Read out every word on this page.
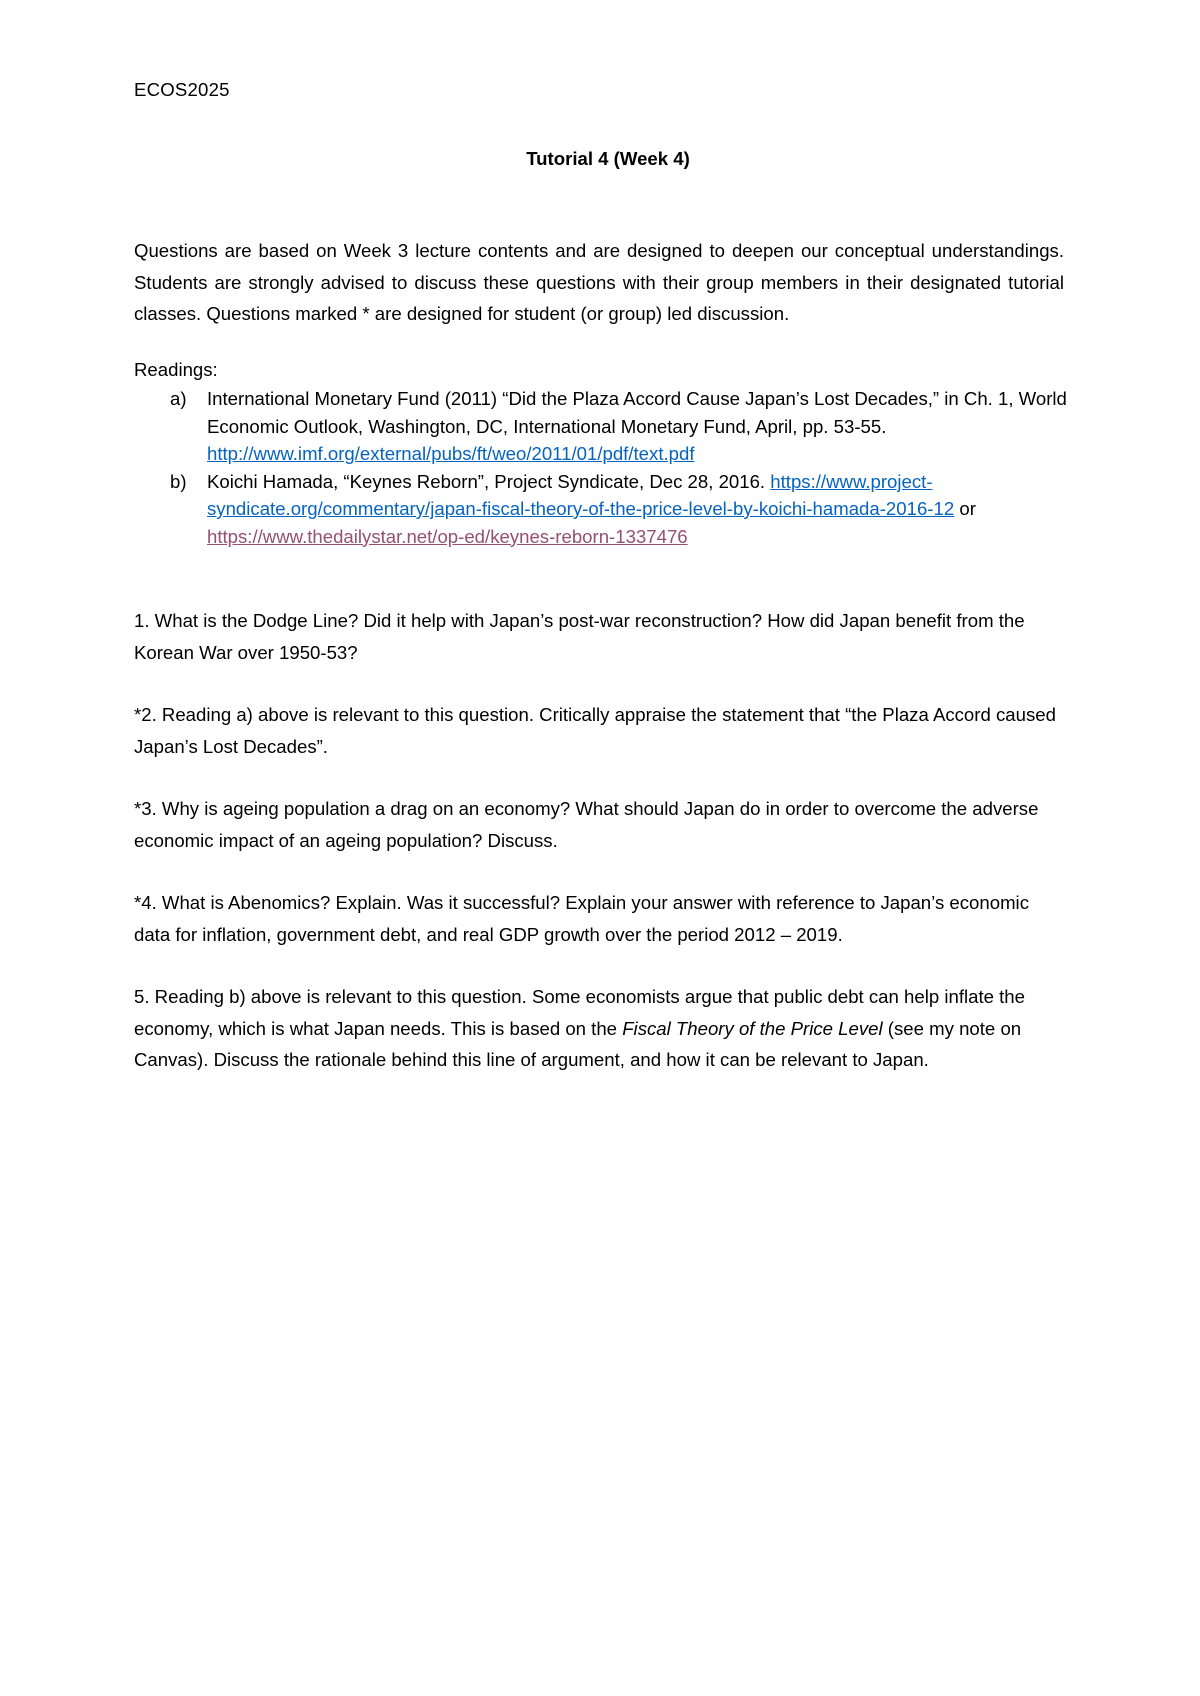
ECOS2025
Tutorial 4 (Week 4)
Questions are based on Week 3 lecture contents and are designed to deepen our conceptual understandings. Students are strongly advised to discuss these questions with their group members in their designated tutorial classes. Questions marked * are designed for student (or group) led discussion.
Readings:
a) International Monetary Fund (2011) “Did the Plaza Accord Cause Japan’s Lost Decades,” in Ch. 1, World Economic Outlook, Washington, DC, International Monetary Fund, April, pp. 53-55. http://www.imf.org/external/pubs/ft/weo/2011/01/pdf/text.pdf
b) Koichi Hamada, “Keynes Reborn”, Project Syndicate, Dec 28, 2016. https://www.project-syndicate.org/commentary/japan-fiscal-theory-of-the-price-level-by-koichi-hamada-2016-12 or https://www.thedailystar.net/op-ed/keynes-reborn-1337476

1. What is the Dodge Line? Did it help with Japan’s post-war reconstruction? How did Japan benefit from the Korean War over 1950-53?

*2. Reading a) above is relevant to this question. Critically appraise the statement that “the Plaza Accord caused Japan’s Lost Decades”.

*3. Why is ageing population a drag on an economy? What should Japan do in order to overcome the adverse economic impact of an ageing population? Discuss.

*4. What is Abenomics? Explain. Was it successful? Explain your answer with reference to Japan’s economic data for inflation, government debt, and real GDP growth over the period 2012 – 2019.

5. Reading b) above is relevant to this question. Some economists argue that public debt can help inflate the economy, which is what Japan needs. This is based on the Fiscal Theory of the Price Level (see my note on Canvas). Discuss the rationale behind this line of argument, and how it can be relevant to Japan.
